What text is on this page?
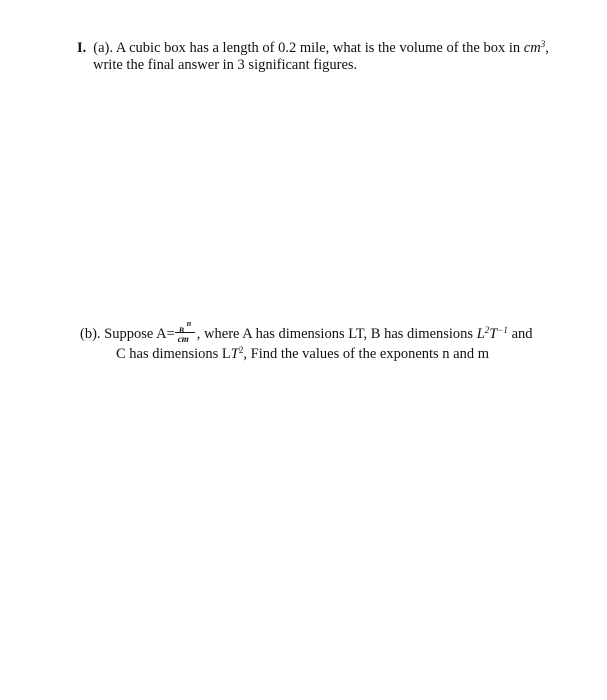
I. (a). A cubic box has a length of 0.2 mile, what is the volume of the box in $cm^3$,
write the final answer in 3 significant figures.
(b). Suppose A=
n
B
cm , where A has dimensions LT, B has dimensions $L^2T^{-1}$ and
C has dimensions $LT^2$, Find the values of the exponents n and m
